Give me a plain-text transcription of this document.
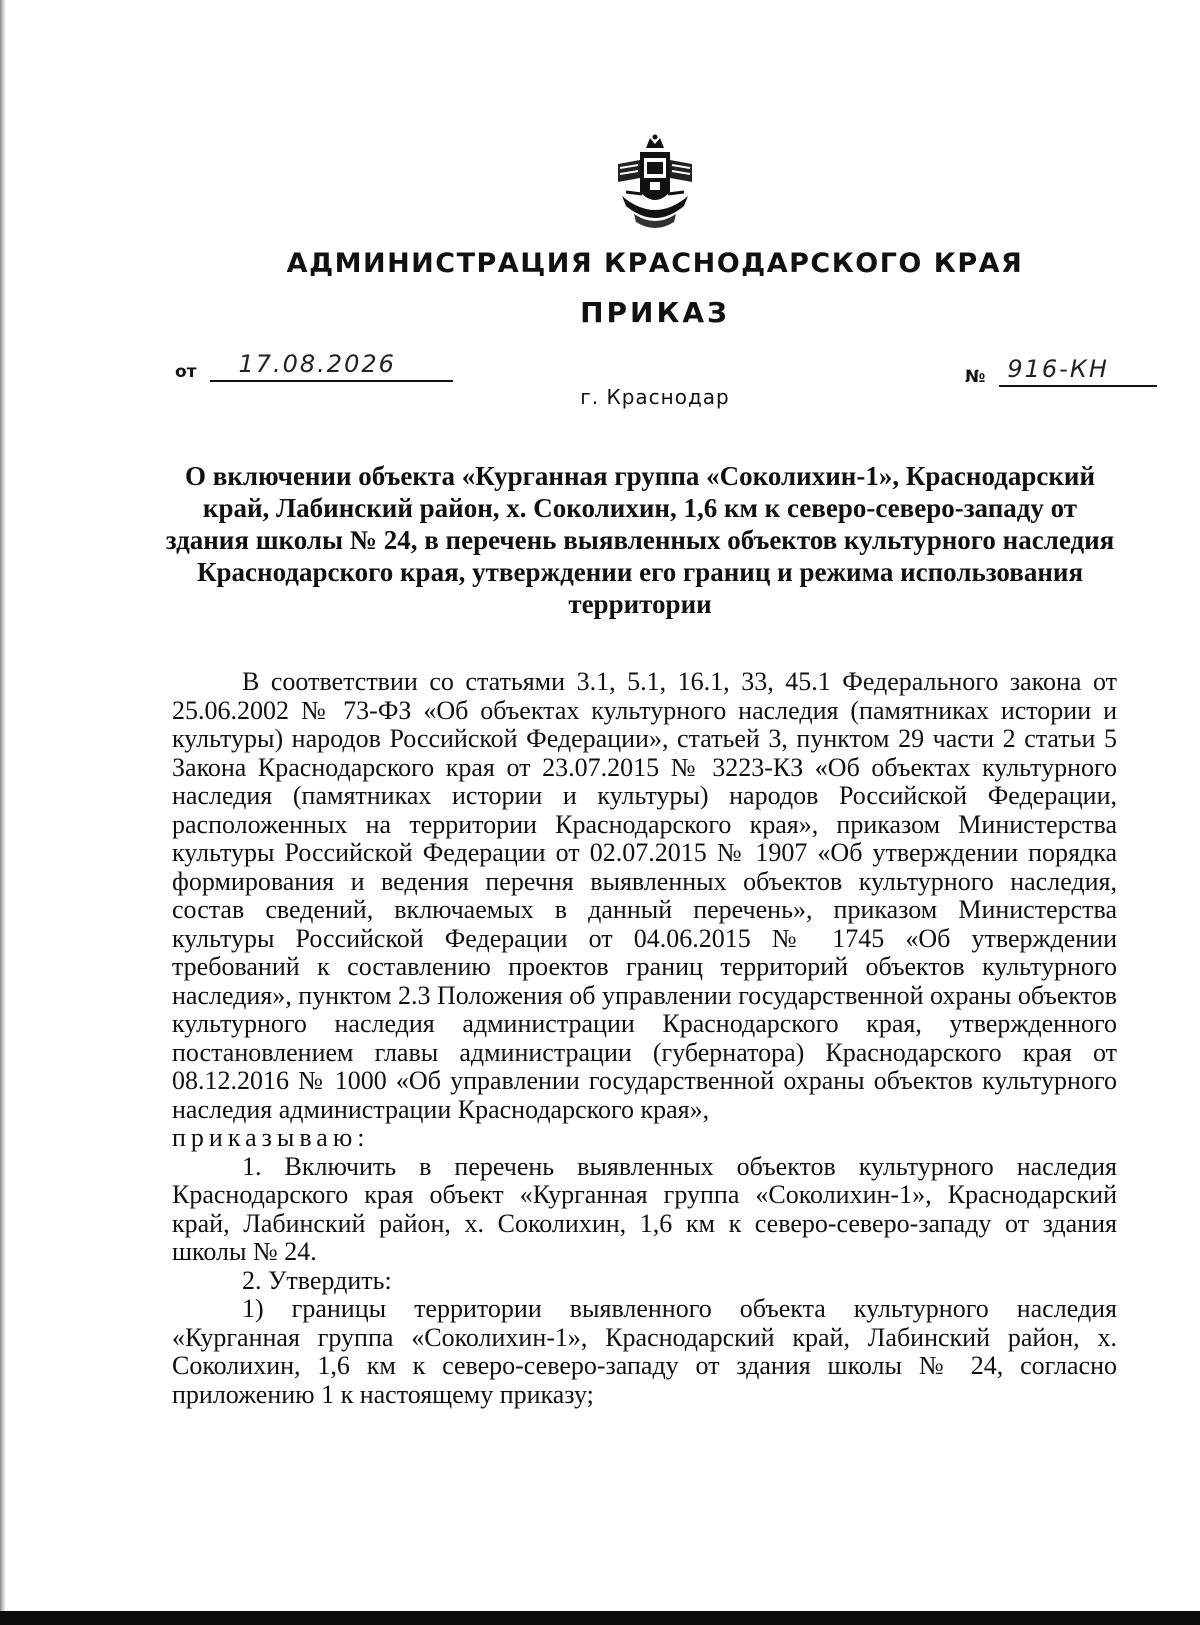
АДМИНИСТРАЦИЯ КРАСНОДАРСКОГО КРАЯ
ПРИКАЗ
от 17.08.2026	№ 916-КН
г. Краснодар
О включении объекта «Курганная группа «Соколихин-1», Краснодарский край, Лабинский район, х. Соколихин, 1,6 км к северо-северо-западу от здания школы № 24, в перечень выявленных объектов культурного наследия Краснодарского края, утверждении его границ и режима использования территории

В соответствии со статьями 3.1, 5.1, 16.1, 33, 45.1 Федерального закона от 25.06.2002 № 73-ФЗ «Об объектах культурного наследия (памятниках истории и культуры) народов Российской Федерации», статьей 3, пунктом 29 части 2 статьи 5 Закона Краснодарского края от 23.07.2015 № 3223-КЗ «Об объектах культурного наследия (памятниках истории и культуры) народов Российской Федерации, расположенных на территории Краснодарского края», приказом Министерства культуры Российской Федерации от 02.07.2015 № 1907 «Об утверждении порядка формирования и ведения перечня выявленных объектов культурного наследия, состав сведений, включаемых в данный перечень», приказом Министерства культуры Российской Федерации от 04.06.2015 № 1745 «Об утверждении требований к составлению проектов границ территорий объектов культурного наследия», пунктом 2.3 Положения об управлении государственной охраны объектов культурного наследия администрации Краснодарского края, утвержденного постановлением главы администрации (губернатора) Краснодарского края от 08.12.2016 № 1000 «Об управлении государственной охраны объектов культурного наследия администрации Краснодарского края»,

приказываю:

1. Включить в перечень выявленных объектов культурного наследия Краснодарского края объект «Курганная группа «Соколихин-1», Краснодарский край, Лабинский район, х. Соколихин, 1,6 км к северо-северо-западу от здания школы № 24.

2. Утвердить:

1) границы территории выявленного объекта культурного наследия «Курганная группа «Соколихин-1», Краснодарский край, Лабинский район, х. Соколихин, 1,6 км к северо-северо-западу от здания школы № 24, согласно приложению 1 к настоящему приказу;
